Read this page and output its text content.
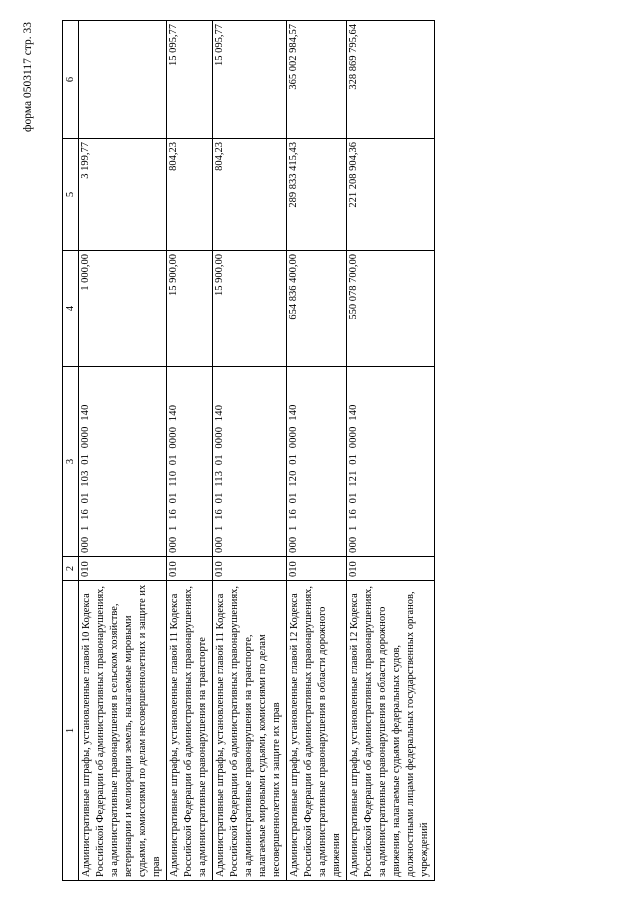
форма 0503117 стр. 33
1	2	3	4	5	6
Административные штрафы, установленные главой 10 Кодекса Российской Федерации об административных правонарушениях, за административные правонарушения в сельском хозяйстве, ветеринарии и мелиорации земель, налагаемые мировыми судьями, комиссиями по делам несовершеннолетних и защите их прав	010	000  1  16  01  103  01  0000  140	1 000,00	3 199,77	
Административные штрафы, установленные главой 11 Кодекса Российской Федерации об административных правонарушениях, за административные правонарушения на транспорте	010	000  1  16  01  110  01  0000  140	15 900,00	804,23	15 095,77
Административные штрафы, установленные главой 11 Кодекса Российской Федерации об административных правонарушениях, за административные правонарушения на транспорте, налагаемые мировыми судьями, комиссиями по делам несовершеннолетних и защите их прав	010	000  1  16  01  113  01  0000  140	15 900,00	804,23	15 095,77
Административные штрафы, установленные главой 12 Кодекса Российской Федерации об административных правонарушениях, за административные правонарушения в области дорожного движения	010	000  1  16  01  120  01  0000  140	654 836 400,00	289 833 415,43	365 002 984,57
Административные штрафы, установленные главой 12 Кодекса Российской Федерации об административных правонарушениях, за административные правонарушения в области дорожного движения, налагаемые судьями федеральных судов, должностными лицами федеральных государственных органов, учреждений	010	000  1  16  01  121  01  0000  140	550 078 700,00	221 208 904,36	328 869 795,64
